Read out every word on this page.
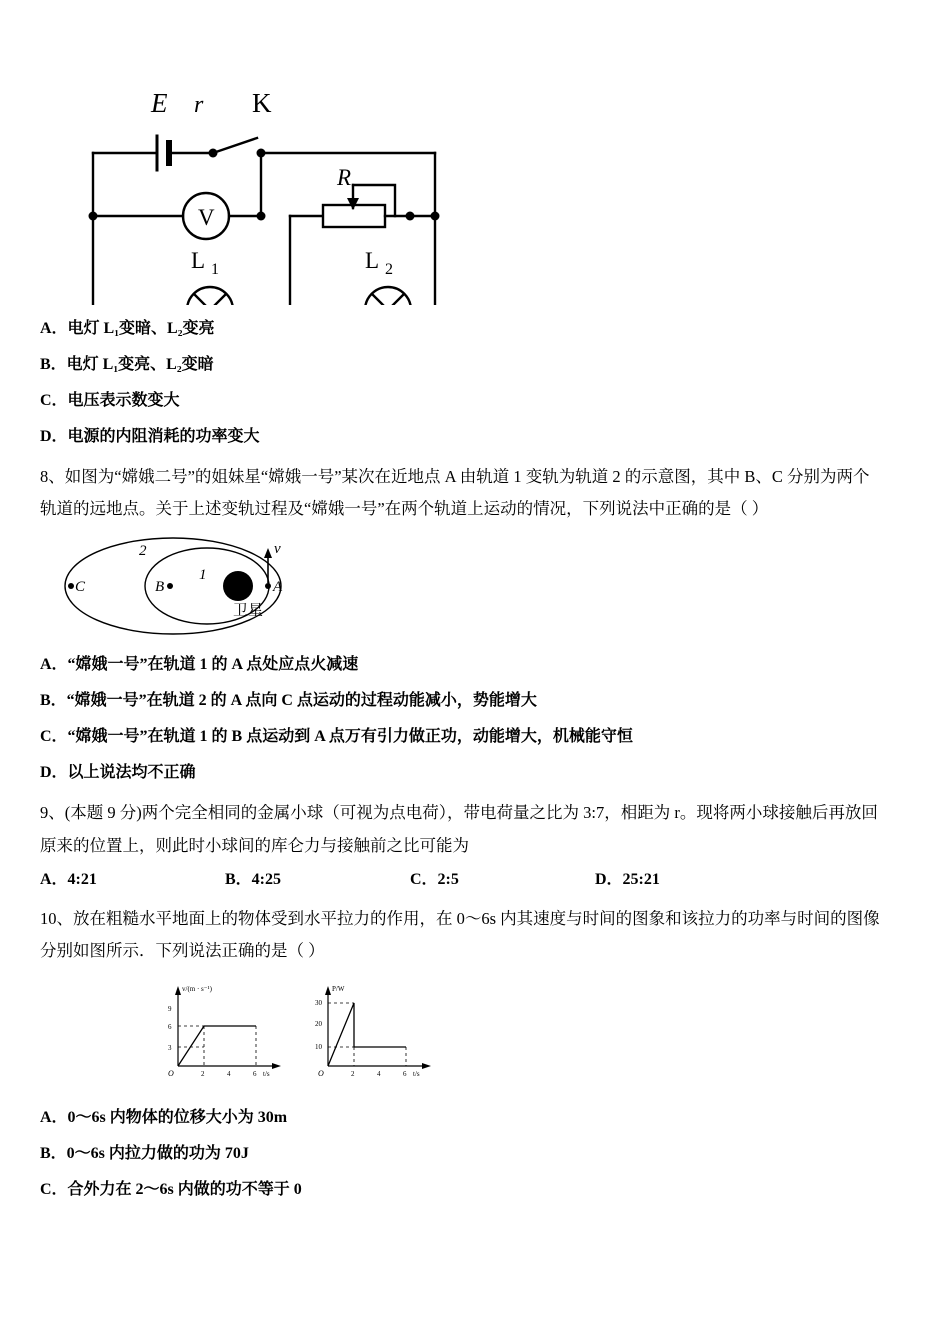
E r K
R
V
L 1	L 2
A．电灯 L₁变暗、L₂变亮
B．电灯 L₁变亮、L₂变暗
C．电压表示数变大
D．电源的内阻消耗的功率变大
8、如图为“嫦娥二号”的姐妹星“嫦娥一号”某次在近地点 A 由轨道 1 变轨为轨道 2 的示意图，其中 B、C 分别为两个
轨道的远地点。关于上述变轨过程及“嫦娥一号”在两个轨道上运动的情况，下列说法中正确的是（ ）
2
1
C	B	A
v
卫星
A．“嫦娥一号”在轨道 1 的 A 点处应点火减速
B．“嫦娥一号”在轨道 2 的 A 点向 C 点运动的过程动能减小，势能增大
C．“嫦娥一号”在轨道 1 的 B 点运动到 A 点万有引力做正功，动能增大，机械能守恒
D．以上说法均不正确
9、(本题 9 分)两个完全相同的金属小球（可视为点电荷），带电荷量之比为 3:7，相距为 r。现将两小球接触后再放回
原来的位置上，则此时小球间的库仑力与接触前之比可能为
A．4:21	B．4:25	C．2:5	D．25:21
10、放在粗糙水平地面上的物体受到水平拉力的作用，在 0～6s 内其速度与时间的图象和该拉力的功率与时间的图像
分别如图所示．下列说法正确的是（ ）
v/(m · s⁻¹)
9
6
3
2	4	6 t/s
O
P/W
30
20
10
2	4	6 t/s
O
A．0～6s 内物体的位移大小为 30m
B．0～6s 内拉力做的功为 70J
C．合外力在 2～6s 内做的功不等于 0
